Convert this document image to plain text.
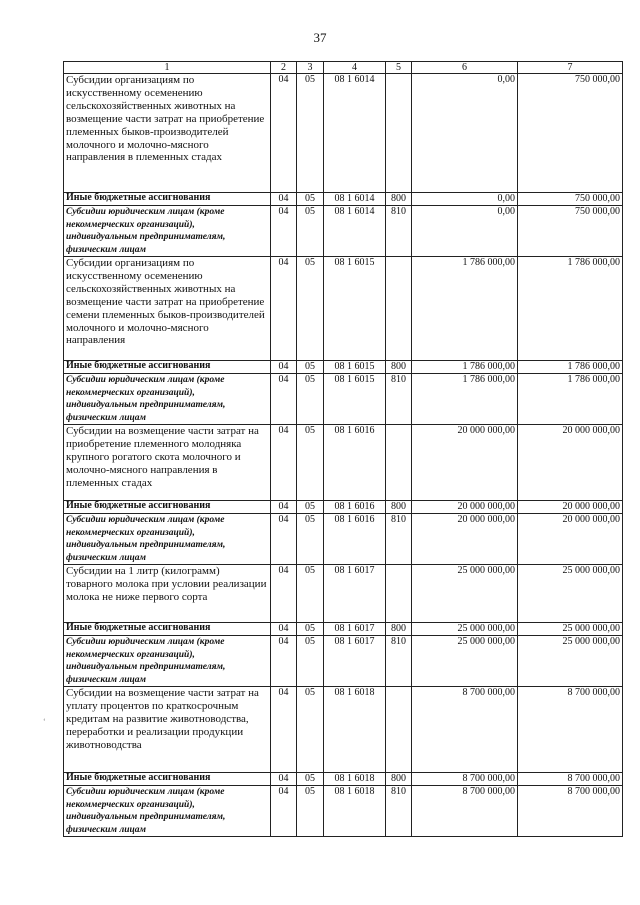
37
1	2	3	4	5	6	7
Субсидии организациям по искусственному осеменению сельскохозяйственных животных на возмещение части затрат на приобретение племенных быков-производителей молочного и молочно-мясного направления в племенных стадах	04	05	08 1 6014		0,00	750 000,00
Иные бюджетные ассигнования	04	05	08 1 6014	800	0,00	750 000,00
Субсидии юридическим лицам (кроме некоммерческих организаций), индивидуальным предпринимателям, физическим лицам	04	05	08 1 6014	810	0,00	750 000,00
Субсидии организациям по искусственному осеменению сельскохозяйственных животных на возмещение части затрат на приобретение семени племенных быков-производителей молочного и молочно-мясного направления	04	05	08 1 6015		1 786 000,00	1 786 000,00
Иные бюджетные ассигнования	04	05	08 1 6015	800	1 786 000,00	1 786 000,00
Субсидии юридическим лицам (кроме некоммерческих организаций), индивидуальным предпринимателям, физическим лицам	04	05	08 1 6015	810	1 786 000,00	1 786 000,00
Субсидии на возмещение части затрат на приобретение племенного молодняка крупного рогатого скота молочного и молочно-мясного направления в племенных стадах	04	05	08 1 6016		20 000 000,00	20 000 000,00
Иные бюджетные ассигнования	04	05	08 1 6016	800	20 000 000,00	20 000 000,00
Субсидии юридическим лицам (кроме некоммерческих организаций), индивидуальным предпринимателям, физическим лицам	04	05	08 1 6016	810	20 000 000,00	20 000 000,00
Субсидии на 1 литр (килограмм) товарного молока при условии реализации молока не ниже первого сорта	04	05	08 1 6017		25 000 000,00	25 000 000,00
Иные бюджетные ассигнования	04	05	08 1 6017	800	25 000 000,00	25 000 000,00
Субсидии юридическим лицам (кроме некоммерческих организаций), индивидуальным предпринимателям, физическим лицам	04	05	08 1 6017	810	25 000 000,00	25 000 000,00
Субсидии на возмещение части затрат на уплату процентов по краткосрочным кредитам на развитие животноводства, переработки и реализации продукции животноводства	04	05	08 1 6018		8 700 000,00	8 700 000,00
Иные бюджетные ассигнования	04	05	08 1 6018	800	8 700 000,00	8 700 000,00
Субсидии юридическим лицам (кроме некоммерческих организаций), индивидуальным предпринимателям, физическим лицам	04	05	08 1 6018	810	8 700 000,00	8 700 000,00
‘
